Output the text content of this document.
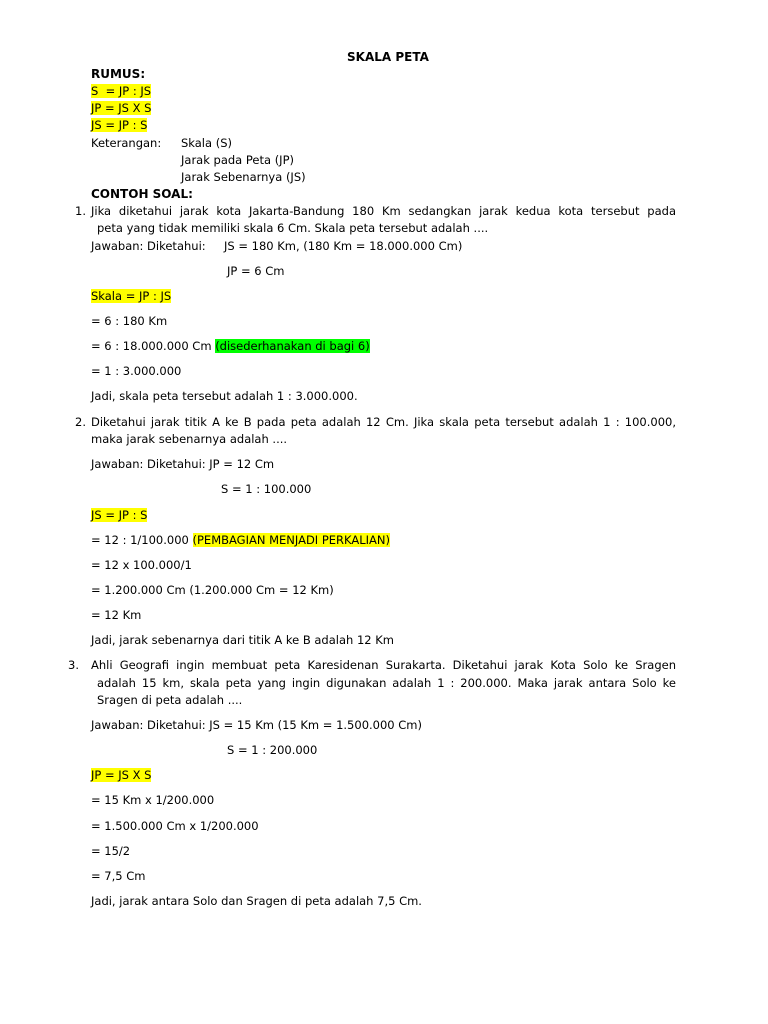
SKALA PETA
RUMUS:
S  = JP : JS
JP = JS X S
JS = JP : S
Keterangan: Skala (S)
Jarak pada Peta (JP)
Jarak Sebenarnya (JS)
CONTOH SOAL:
1. Jika diketahui jarak kota Jakarta-Bandung 180 Km sedangkan jarak kedua kota tersebut pada
peta yang tidak memiliki skala 6 Cm. Skala peta tersebut adalah ....
Jawaban: Diketahui: JS = 180 Km, (180 Km = 18.000.000 Cm)
JP = 6 Cm
Skala = JP : JS
= 6 : 180 Km
= 6 : 18.000.000 Cm (disederhanakan di bagi 6)
= 1 : 3.000.000
Jadi, skala peta tersebut adalah 1 : 3.000.000.
2. Diketahui jarak titik A ke B pada peta adalah 12 Cm. Jika skala peta tersebut adalah 1 : 100.000,
maka jarak sebenarnya adalah ....
Jawaban: Diketahui: JP = 12 Cm
S = 1 : 100.000
JS = JP : S
= 12 : 1/100.000 (PEMBAGIAN MENJADI PERKALIAN)
= 12 x 100.000/1
= 1.200.000 Cm (1.200.000 Cm = 12 Km)
= 12 Km
Jadi, jarak sebenarnya dari titik A ke B adalah 12 Km
3. Ahli Geografi ingin membuat peta Karesidenan Surakarta. Diketahui jarak Kota Solo ke Sragen
adalah 15 km, skala peta yang ingin digunakan adalah 1 : 200.000. Maka jarak antara Solo ke
Sragen di peta adalah ....
Jawaban: Diketahui: JS = 15 Km (15 Km = 1.500.000 Cm)
S = 1 : 200.000
JP = JS X S
= 15 Km x 1/200.000
= 1.500.000 Cm x 1/200.000
= 15/2
= 7,5 Cm
Jadi, jarak antara Solo dan Sragen di peta adalah 7,5 Cm.
